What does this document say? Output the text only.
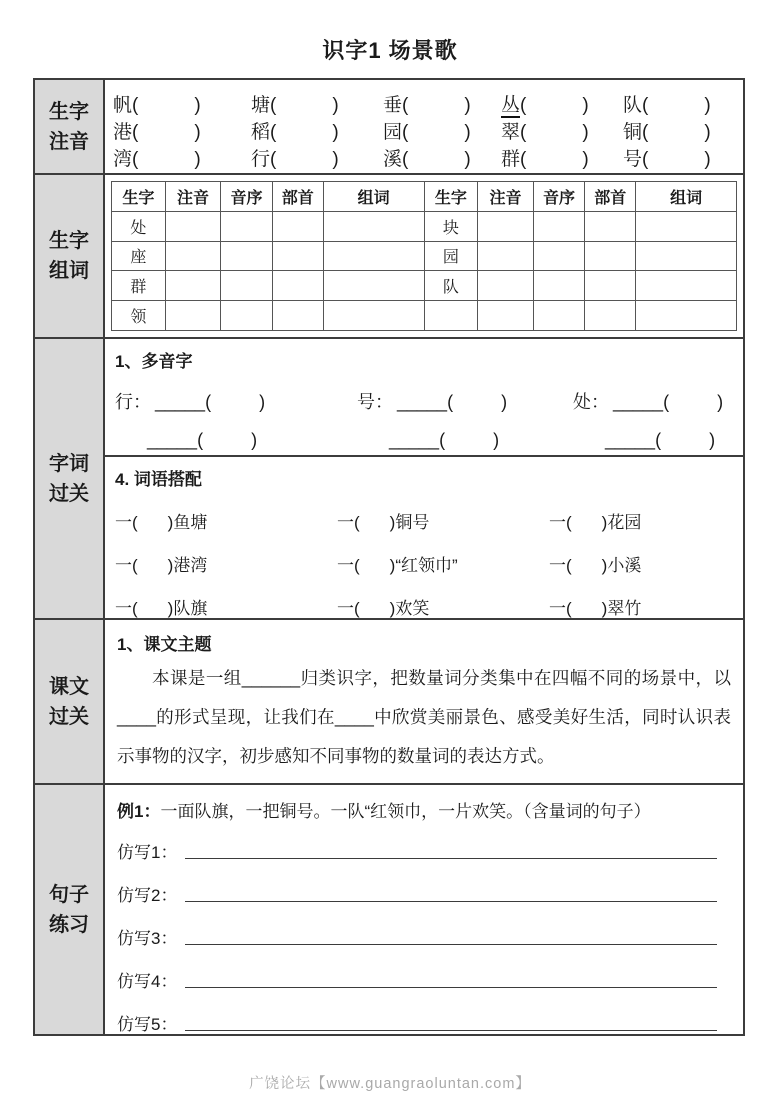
识字1 场景歌
生字注音
帆(	)	塘(	)	垂(	)	丛(	)	队(	)
港(	)	稻(	)	园(	)	翠(	)	铜(	)
湾(	)	行(	)	溪(	)	群(	)	号(	)
生字组词
生字	注音	音序	部首	组词	生字	注音	音序	部首	组词
处					块				
座					园				
群					队				
领									
字词过关
1、多音字
行： _____(	)	号： _____(	)	处： _____(	)
_____(	)	_____(	)	_____(	)
4. 词语搭配
一( )鱼塘	一( )铜号	一( )花园
一( )港湾	一( )“红领巾”	一( )小溪
一( )队旗	一( )欢笑	一( )翠竹
课文过关
1、课文主题
本课是一组______归类识字，把数量词分类集中在四幅不同的场景中，以____的形式呈现，让我们在____中欣赏美丽景色、感受美好生活，同时认识表示事物的汉字，初步感知不同事物的数量词的表达方式。
句子练习
例1：一面队旗，一把铜号。一队“红领巾，一片欢笑。（含量词的句子）
仿写1：
仿写2：
仿写3：
仿写4：
仿写5：
广饶论坛【www.guangraoluntan.com】
